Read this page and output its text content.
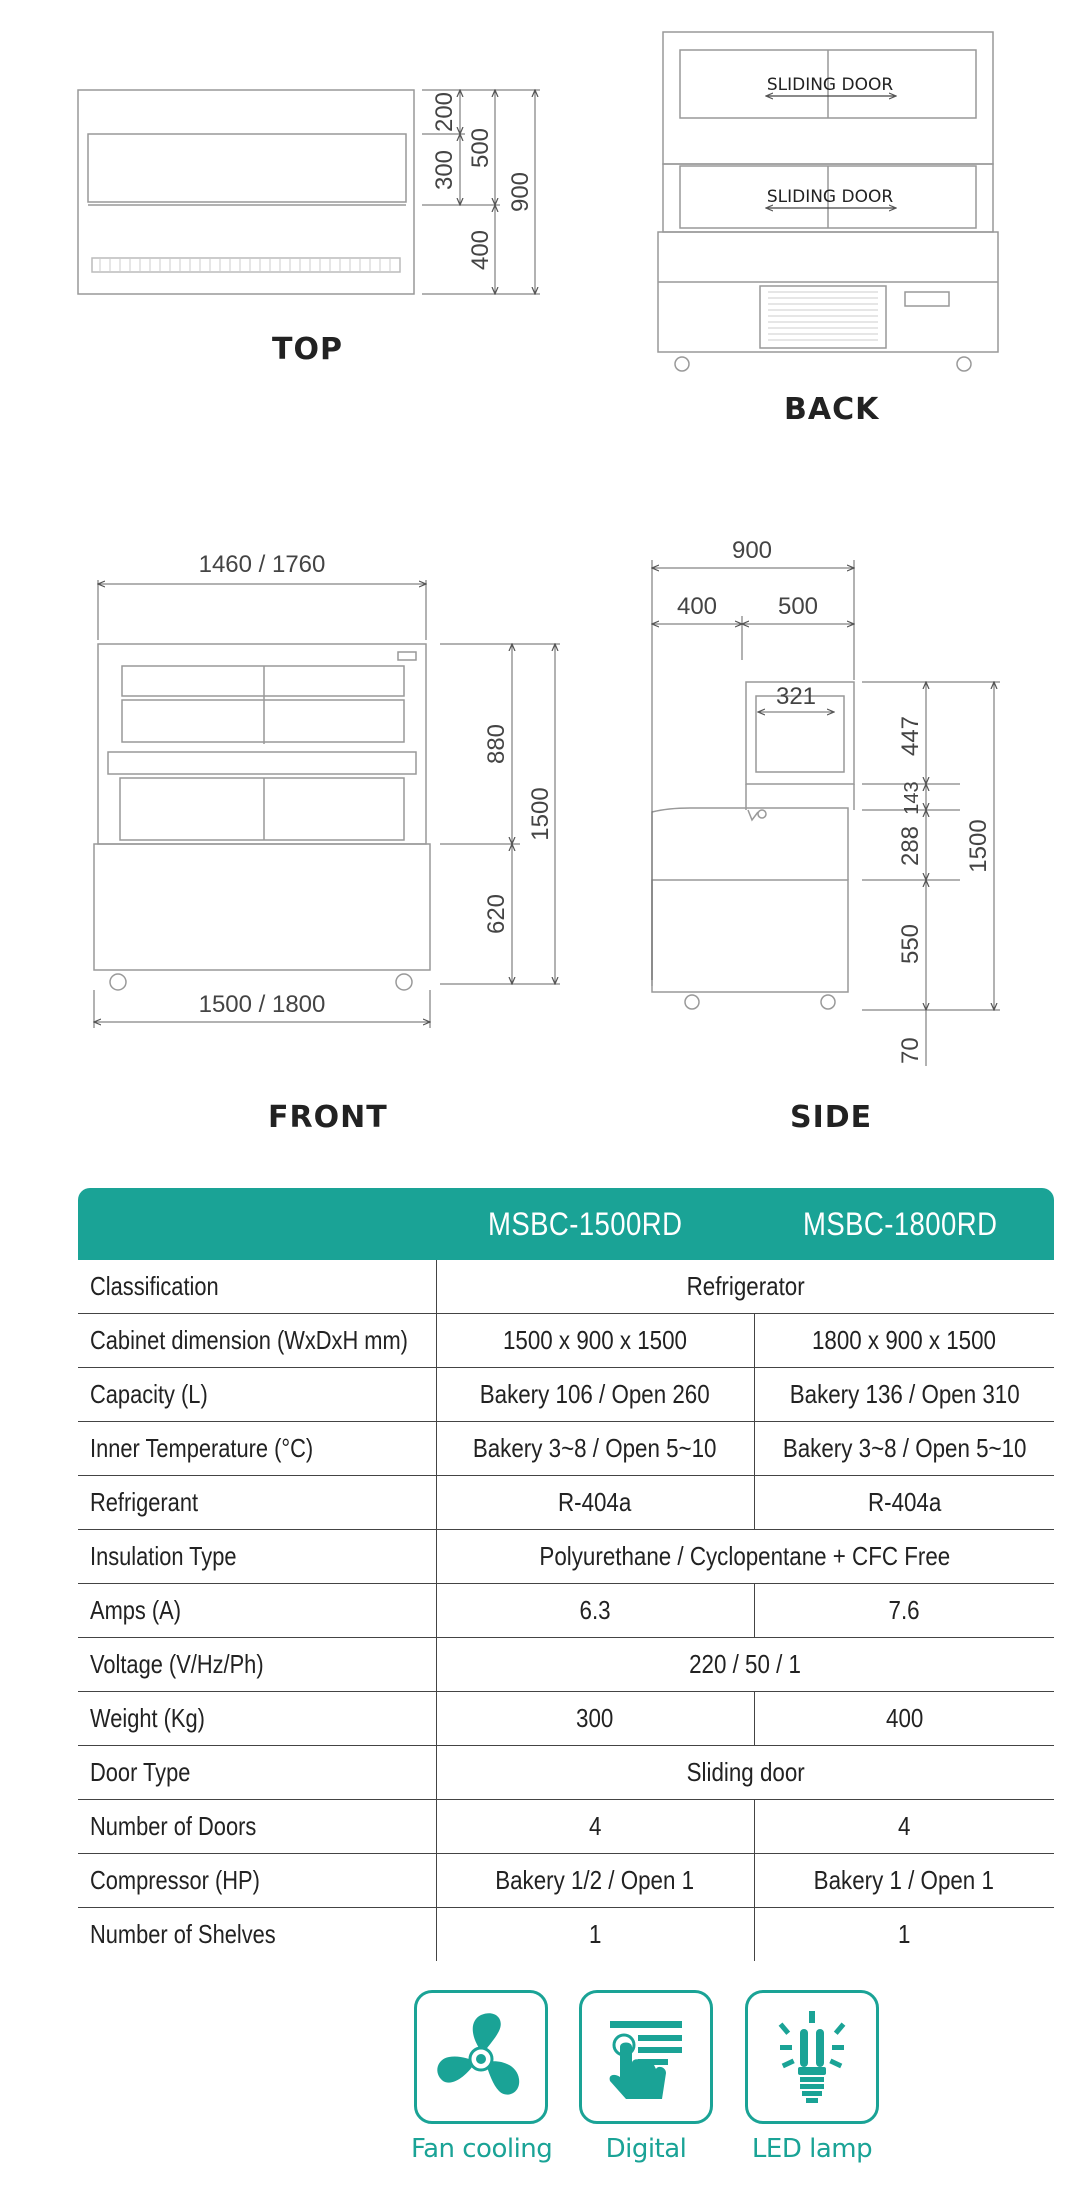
200
500
300
400
900
SLIDING DOOR
SLIDING DOOR
1460 / 1760
880
1500
620
1500 / 1800
900
400	500
321
447
143
288 1500
550
70
TOP
BACK
FRONT	SIDE
MSBC-1500RD	MSBC-1800RD
Classification	Refrigerator	
Cabinet dimension (WxDxH mm)	1500 x 900 x 1500	1800 x 900 x 1500
Capacity (L)	Bakery 106 / Open 260	Bakery 136 / Open 310
Inner Temperature (°C)	Bakery 3~8 / Open 5~10	Bakery 3~8 / Open 5~10
Refrigerant	R-404a	R-404a
Insulation Type	Polyurethane / Cyclopentane + CFC Free	
Amps (A)	6.3	7.6
Voltage (V/Hz/Ph)	220 / 50 / 1	
Weight (Kg)	300	400
Door Type	Sliding door	
Number of Doors	4	4
Compressor (HP)	Bakery 1/2 / Open 1	Bakery 1 / Open 1
Number of Shelves	1	1
Fan cooling	Digital	LED lamp
